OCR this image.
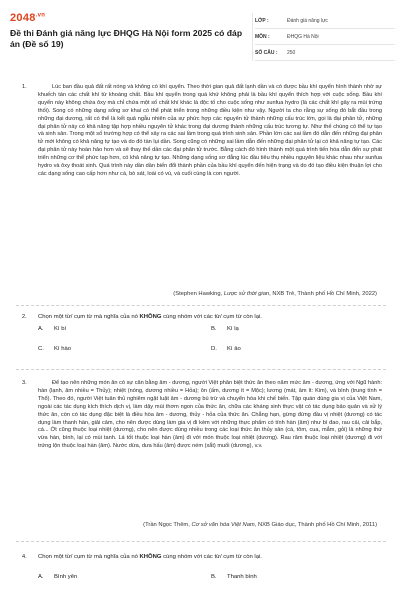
$2048^{.vn}$
Đề thi Đánh giá năng lực ĐHQG Hà Nội form 2025 có đáp án (Đề số 19)
LỚP :	Đánh giá năng lực
MÔN :	ĐHQG Hà Nội
SỐ CÂU :	250
1.	Lúc ban đầu quả đất rất nóng và không có khí quyển. Theo thời gian quả đất lạnh dần và có được bầu khí quyển hình thành nhờ sự khuếch tán các chất khí từ khoáng chất. Bầu khí quyển trong quá khứ không phải là bầu khí quyển thích hợp với cuộc sống. Bầu khí quyển này không chứa ôxy mà chỉ chứa một số chất khí khác là độc tố cho cuộc sống như sunfua hydro (là các chất khí gây ra mùi trứng thối). Song có những dạng sống sơ khai có thể phát triển trong những điều kiện như vậy. Người ta cho rằng sự sống đó bắt đầu trong những đại dương, rất có thể là kết quả ngẫu nhiên của sự phức hợp các nguyên tử thành những cấu trúc lớn, gọi là đại phân tử, những đại phân tử này có khả năng tập hợp nhiều nguyên tử khác trong đại dương thành những cấu trúc tương tự. Như thế chúng có thể tự tạo và sinh sản. Trong một số trường hợp có thể xảy ra các sai lầm trong quá trình sinh sản. Phần lớn các sai lầm đó dẫn đến những đại phân tử mới không có khả năng tự tạo và do đó tàn lụi dần. Song cũng có những sai lầm dẫn đến những đại phân tử lại có khả năng tự tạo. Các đại phân tử này hoàn hảo hơn và sẽ thay thế dần các đại phân tử trước. Bằng cách đó hình thành một quá trình tiến hóa dẫn đến sự phát triển những cơ thể phức tạp hơn, có khả năng tự tạo. Những dạng sống sơ đẳng lúc đầu tiêu thụ nhiều nguyên liệu khác nhau như sunfua hydro và ôxy thoát sinh. Quá trình này dần dần biến đổi thành phần của bầu khí quyển đến hiện trạng và do đó tạo điều kiện thuận lợi cho các dạng sống cao cấp hơn như cá, bò sát, loài có vú, và cuối cùng là con người.

(Stephen Hawking, Lược sử thời gian, NXB Trẻ, Thành phố Hồ Chí Minh, 2022)
2. Chọn một từ/ cụm từ mà nghĩa của nó KHÔNG cùng nhóm với các từ/ cụm từ còn lại.
A.	Kì bí	B.	Kì lạ
C.	Kì hào	D.	Kì ảo
3.	Để tạo nên những món ăn có sự cân bằng âm - dương, người Việt phân biệt thức ăn theo năm mức âm - dương, ứng với Ngũ hành: hàn (lạnh, âm nhiều = Thủy); nhiệt (nóng, dương nhiều = Hỏa); ôn (ấm, dương ít = Mộc); lương (mát, âm ít: Kim), và bình (trung tính = Thổ). Theo đó, người Việt tuân thủ nghiêm ngặt luật âm - dương bù trừ và chuyển hóa khi chế biến. Tập quán dùng gia vị của Việt Nam, ngoài các tác dụng kích thích dịch vị, làm dậy mùi thơm ngon của thức ăn, chữa các kháng sinh thực vật có tác dụng bảo quản và xử lý thức ăn, còn có tác dụng đặc biệt là điều hòa âm - dương, thủy - hỏa của thức ăn. Chẳng hạn, gừng đứng đầu vị nhiệt (dương) có tác dụng làm thanh hàn, giải cảm, cho nên được dùng làm gia vị đi kèm với những thực phẩm có tính hàn (âm) như bí đao, rau cải, cải bắp, cá... Ớt cũng thuộc loại nhiệt (dương), cho nên được dùng nhiều trong các loại thức ăn thủy sản (cá, tôm, cua, mắm, gỏi) là những thứ vừa hàn, bình, lại có mùi tanh. Lá tốt thuộc loại hàn (âm) đi với món thuộc loại nhiệt (dương). Rau răm thuộc loại nhiệt (dương) đi với trứng lộn thuộc loại hàn (âm). Nước dừa, dưa hấu (âm) được ném (xắt) muối (dương), v.v.

(Trần Ngọc Thêm, Cơ sở văn hóa Việt Nam, NXB Giáo dục, Thành phố Hồ Chí Minh, 2011)
4. Chọn một từ/ cụm từ mà nghĩa của nó KHÔNG cùng nhóm với các từ/ cụm từ còn lại.
A.	Bình yên	B.	Thanh bình
